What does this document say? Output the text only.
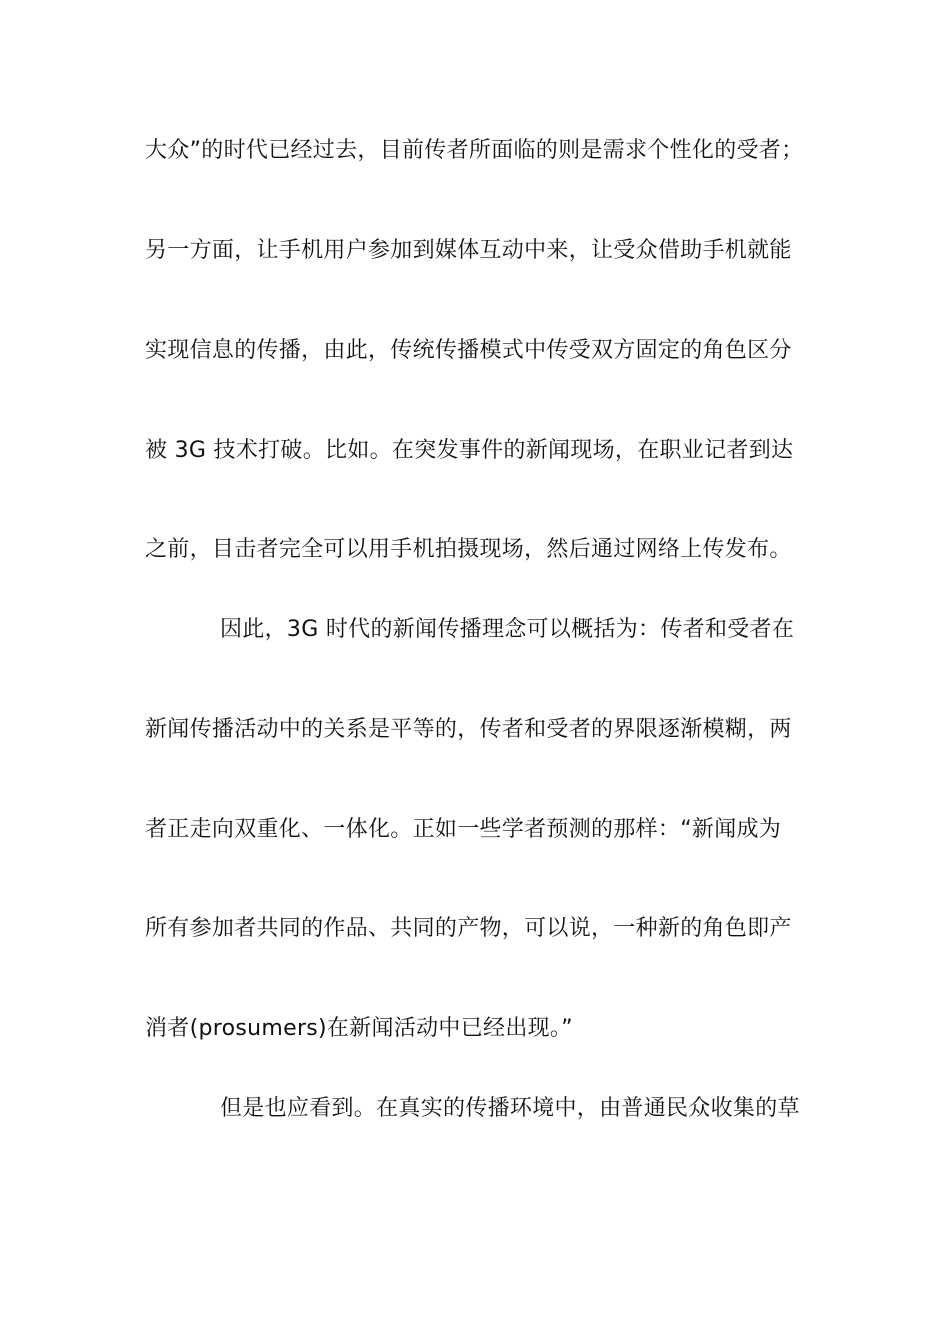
大众”的时代已经过去，目前传者所面临的则是需求个性化的受者；
另一方面，让手机用户参加到媒体互动中来，让受众借助手机就能
实现信息的传播，由此，传统传播模式中传受双方固定的角色区分
被 3G 技术打破。比如。在突发事件的新闻现场，在职业记者到达
之前，目击者完全可以用手机拍摄现场，然后通过网络上传发布。
因此，3G 时代的新闻传播理念可以概括为：传者和受者在
新闻传播活动中的关系是平等的，传者和受者的界限逐渐模糊，两
者正走向双重化、一体化。正如一些学者预测的那样：“新闻成为
所有参加者共同的作品、共同的产物，可以说，一种新的角色即产
消者(prosumers)在新闻活动中已经出现。”
但是也应看到。在真实的传播环境中，由普通民众收集的草
